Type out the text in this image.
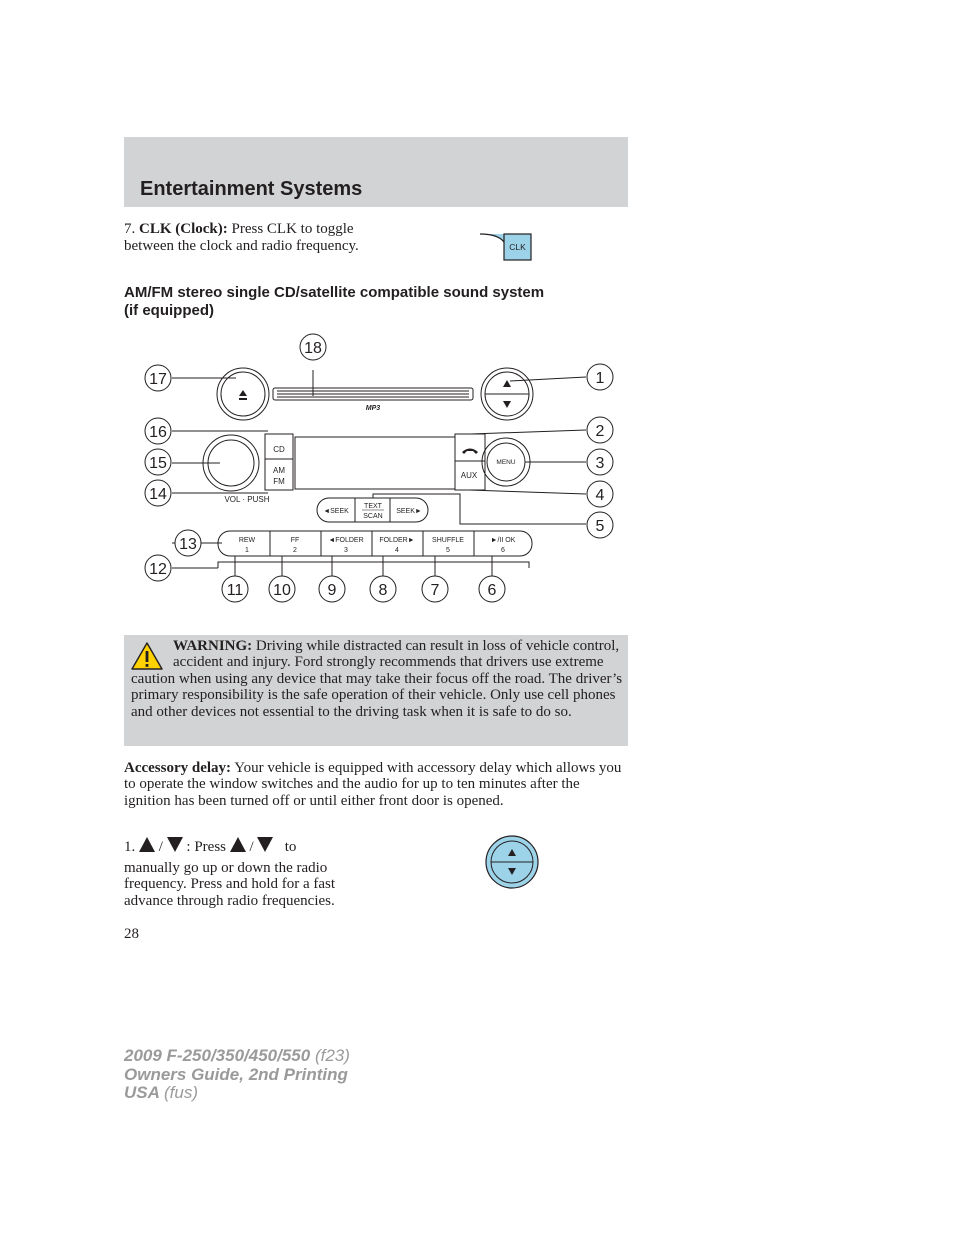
Entertainment Systems
7. CLK (Clock): Press CLK to toggle between the clock and radio frequency.	CLK
AM/FM stereo single CD/satellite compatible sound system
(if equipped)
MP3
CD
AM
FM
VOL · PUSH
AUX
MENU
◄SEEK	SEEK►
TEXT
SCAN
REW
1
FF
2
◄FOLDER
3
FOLDER►
4
SHUFFLE
5
►/II OK
6
1
2
3
4
5
6
7
8
9
10
11
12
13
14
15
16
17
18
WARNING: Driving while distracted can result in loss of vehicle control, accident and injury. Ford strongly recommends that drivers use extreme caution when using any device that may take their focus off the road. The driver’s primary responsibility is the safe operation of their vehicle. Only use cell phones and other devices not essential to the driving task when it is safe to do so.
Accessory delay: Your vehicle is equipped with accessory delay which allows you to operate the window switches and the audio for up to ten minutes after the ignition has been turned off or until either front door is opened.
1. / : Press / to
manually go up or down the radio frequency. Press and hold for a fast advance through radio frequencies.
28
2009 F-250/350/450/550 (f23)
Owners Guide, 2nd Printing
USA (fus)
